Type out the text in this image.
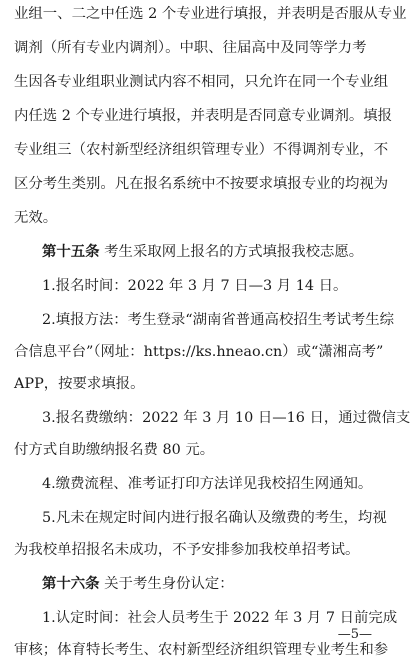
业组一、二之中任选 2 个专业进行填报，并表明是否服从专业
调剂（所有专业内调剂）。中职、往届高中及同等学力考
生因各专业组职业测试内容不相同，只允许在同一个专业组
内任选 2 个专业进行填报，并表明是否同意专业调剂。填报
专业组三（农村新型经济组织管理专业）不得调剂专业，不
区分考生类别。凡在报名系统中不按要求填报专业的均视为
无效。
第十五条 考生采取网上报名的方式填报我校志愿。
1.报名时间：2022 年 3 月 7 日—3 月 14 日。
2.填报方法：考生登录“湖南省普通高校招生考试考生综
合信息平台”（网址：https://ks.hneao.cn）或“潇湘高考”
APP，按要求填报。
3.报名费缴纳：2022 年 3 月 10 日—16 日，通过微信支
付方式自助缴纳报名费 80 元。
4.缴费流程、准考证打印方法详见我校招生网通知。
5.凡未在规定时间内进行报名确认及缴费的考生，均视
为我校单招报名未成功，不予安排参加我校单招考试。
第十六条 关于考生身份认定：
1.认定时间：社会人员考生于 2022 年 3 月 7 日前完成
审核；体育特长考生、农村新型经济组织管理专业考生和参
—5—
